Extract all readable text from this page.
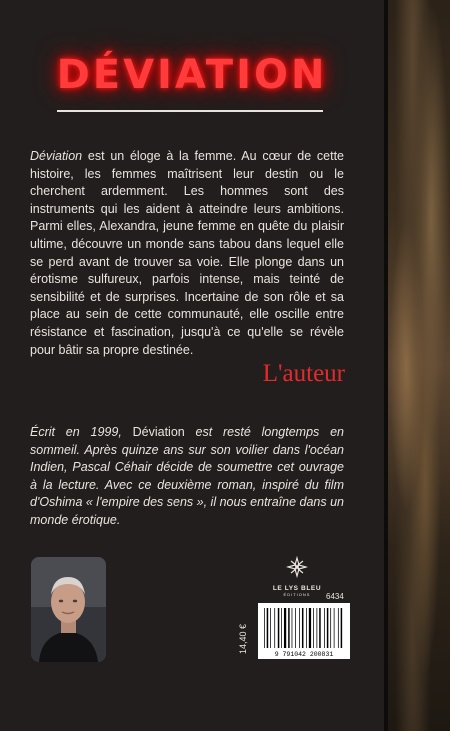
DÉVIATION

Déviation est un éloge à la femme. Au cœur de cette histoire, les femmes maîtrisent leur destin ou le cherchent ardemment. Les hommes sont des instruments qui les aident à atteindre leurs ambitions. Parmi elles, Alexandra, jeune femme en quête du plaisir ultime, découvre un monde sans tabou dans lequel elle se perd avant de trouver sa voie. Elle plonge dans un érotisme sulfureux, parfois intense, mais teinté de sensibilité et de surprises. Incertaine de son rôle et sa place au sein de cette communauté, elle oscille entre résistance et fascination, jusqu'à ce qu'elle se révèle pour bâtir sa propre destinée.

L'auteur

Écrit en 1999, Déviation est resté longtemps en sommeil. Après quinze ans sur son voilier dans l'océan Indien, Pascal Céhair décide de soumettre cet ouvrage à la lecture. Avec ce deuxième roman, inspiré du film d'Oshima « l'empire des sens », il nous entraîne dans un monde érotique.

LE LYS BLEU
ÉDITIONS	6434
14,40 €
9 791042 200831
